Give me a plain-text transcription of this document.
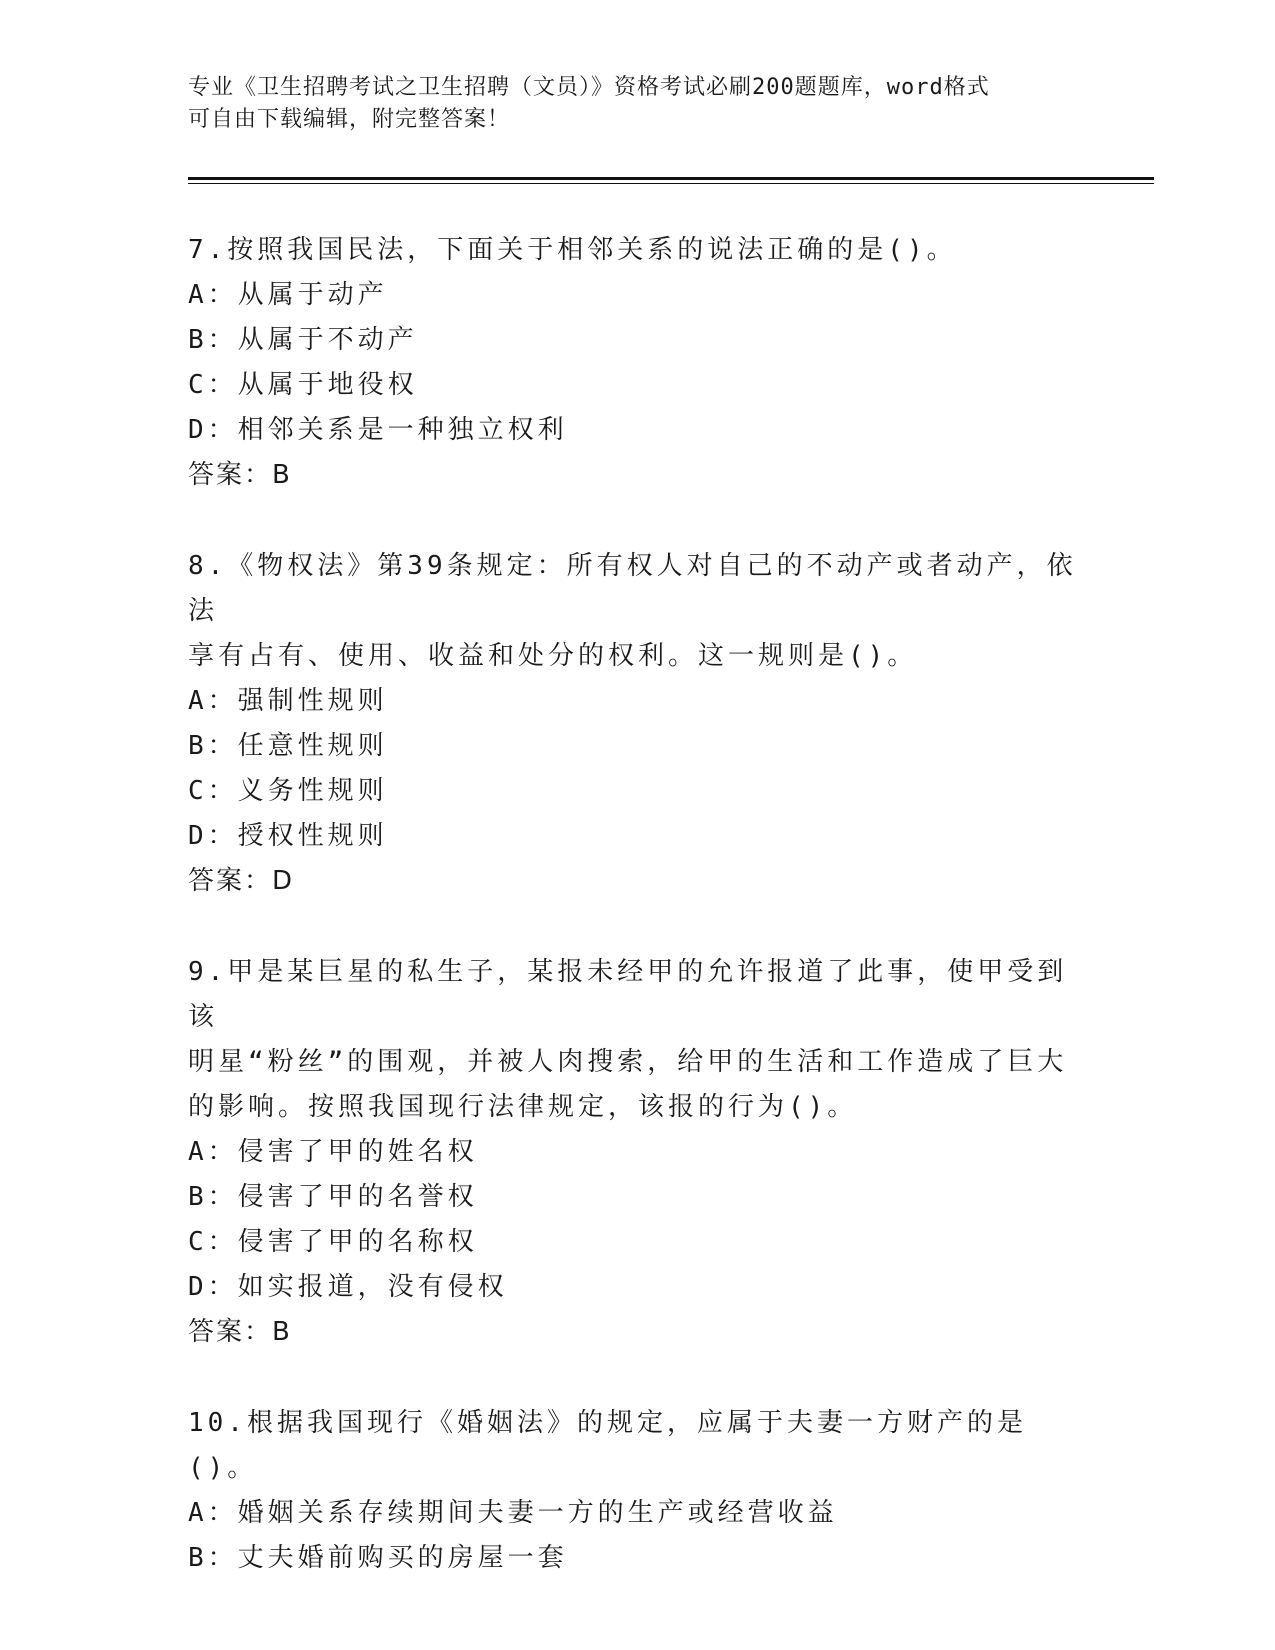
专业《卫生招聘考试之卫生招聘（文员）》资格考试必刷200题题库，word格式
可自由下载编辑，附完整答案！
7.按照我国民法，下面关于相邻关系的说法正确的是()。
A：从属于动产
B：从属于不动产
C：从属于地役权
D：相邻关系是一种独立权利
答案：B
8.《物权法》第39条规定：所有权人对自己的不动产或者动产，依法
享有占有、使用、收益和处分的权利。这一规则是()。
A：强制性规则
B：任意性规则
C：义务性规则
D：授权性规则
答案：D
9.甲是某巨星的私生子，某报未经甲的允许报道了此事，使甲受到该
明星“粉丝”的围观，并被人肉搜索，给甲的生活和工作造成了巨大
的影响。按照我国现行法律规定，该报的行为()。
A：侵害了甲的姓名权
B：侵害了甲的名誉权
C：侵害了甲的名称权
D：如实报道，没有侵权
答案：B
10.根据我国现行《婚姻法》的规定，应属于夫妻一方财产的是()。
A：婚姻关系存续期间夫妻一方的生产或经营收益
B：丈夫婚前购买的房屋一套
